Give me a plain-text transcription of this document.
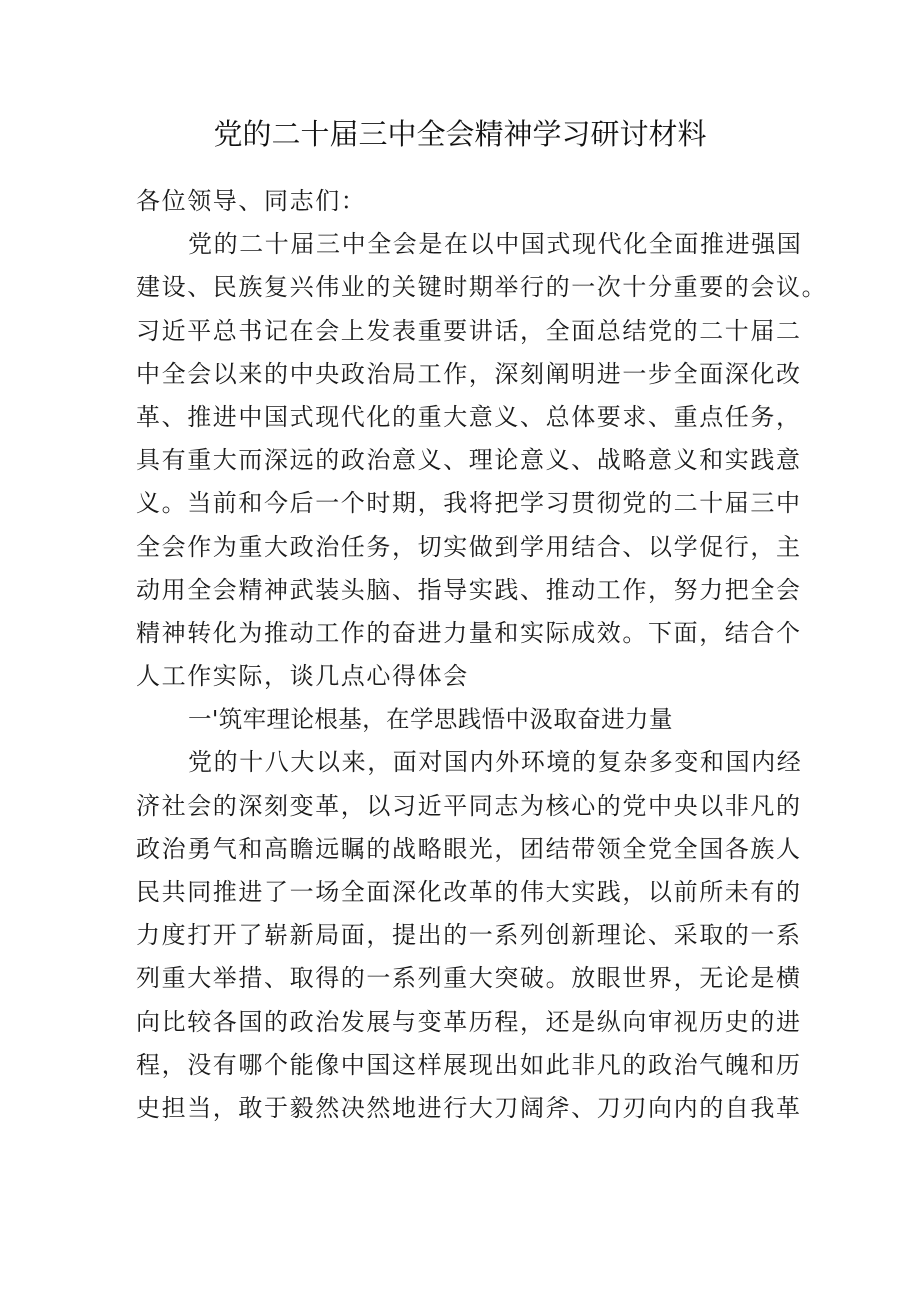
党的二十届三中全会精神学习研讨材料
各位领导、同志们：
党的二十届三中全会是在以中国式现代化全面推进强国
建设、民族复兴伟业的关键时期举行的一次十分重要的会议。
习近平总书记在会上发表重要讲话，全面总结党的二十届二
中全会以来的中央政治局工作，深刻阐明进一步全面深化改
革、推进中国式现代化的重大意义、总体要求、重点任务，
具有重大而深远的政治意义、理论意义、战略意义和实践意
义。当前和今后一个时期，我将把学习贯彻党的二十届三中
全会作为重大政治任务，切实做到学用结合、以学促行，主
动用全会精神武装头脑、指导实践、推动工作，努力把全会
精神转化为推动工作的奋进力量和实际成效。下面，结合个
人工作实际，谈几点心得体会
一'筑牢理论根基，在学思践悟中汲取奋进力量
党的十八大以来，面对国内外环境的复杂多变和国内经
济社会的深刻变革，以习近平同志为核心的党中央以非凡的
政治勇气和高瞻远瞩的战略眼光，团结带领全党全国各族人
民共同推进了一场全面深化改革的伟大实践，以前所未有的
力度打开了崭新局面，提出的一系列创新理论、采取的一系
列重大举措、取得的一系列重大突破。放眼世界，无论是横
向比较各国的政治发展与变革历程，还是纵向审视历史的进
程，没有哪个能像中国这样展现出如此非凡的政治气魄和历
史担当，敢于毅然决然地进行大刀阔斧、刀刃向内的自我革
